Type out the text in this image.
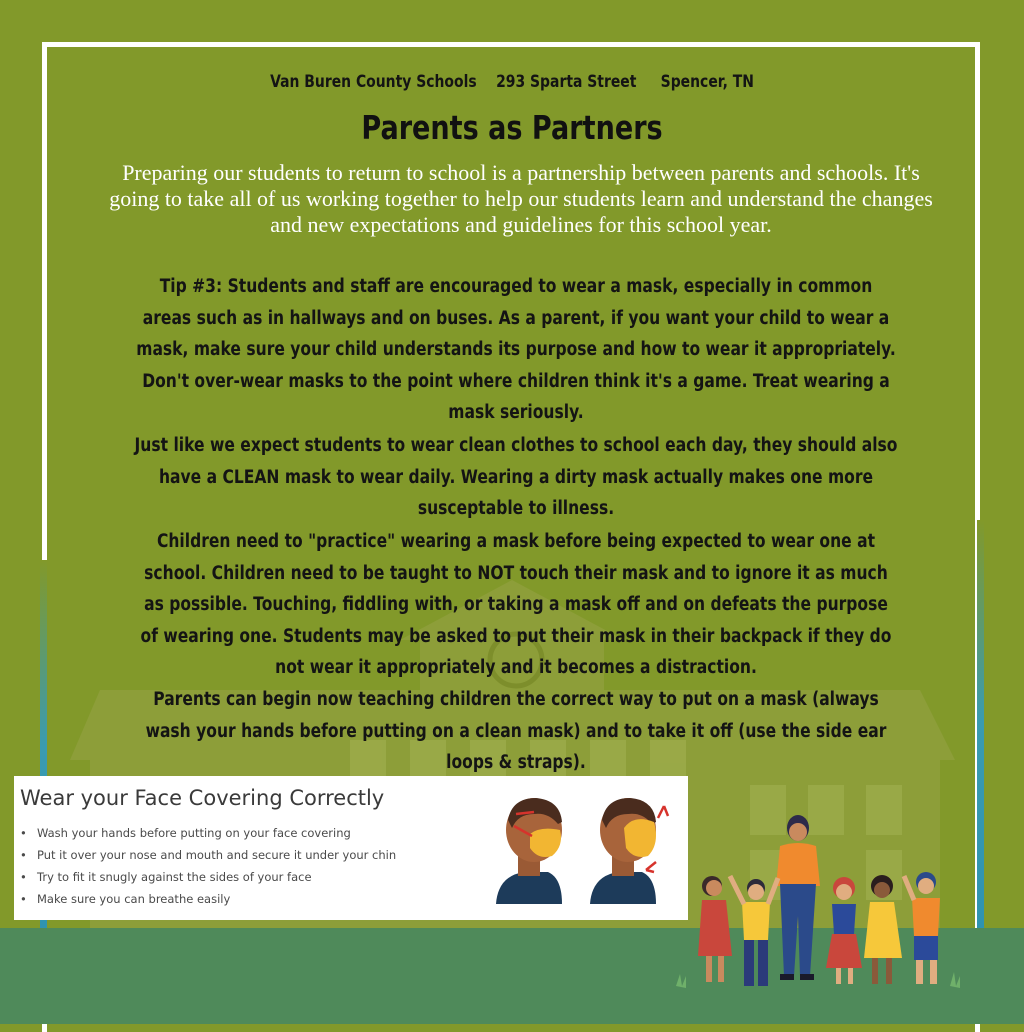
Van Buren County Schools    293 Sparta Street     Spencer, TN
Parents as Partners
Preparing our students to return to school is a partnership between parents and schools. It's going to take all of us working together to help our students learn and understand the changes and new expectations and guidelines for this school year.
Tip #3: Students and staff are encouraged to wear a mask, especially in common areas such as in hallways and on buses. As a parent, if you want your child to wear a mask, make sure your child understands its purpose and how to wear it appropriately. Don't over-wear masks to the point where children think it's a game. Treat wearing a mask seriously.
Just like we expect students to wear clean clothes to school each day, they should also have a CLEAN mask to wear daily. Wearing a dirty mask actually makes one more susceptable to illness.
Children need to "practice" wearing a mask before being expected to wear one at school. Children need to be taught to NOT touch their mask and to ignore it as much as possible. Touching, fiddling with, or taking a mask off and on defeats the purpose of wearing one. Students may be asked to put their mask in their backpack if they do not wear it appropriately and it becomes a distraction.
Parents can begin now teaching children the correct way to put on a mask (always wash your hands before putting on a clean mask) and to take it off (use the side ear loops & straps).
Wear your Face Covering Correctly
• Wash your hands before putting on your face covering
• Put it over your nose and mouth and secure it under your chin
• Try to fit it snugly against the sides of your face
• Make sure you can breathe easily
